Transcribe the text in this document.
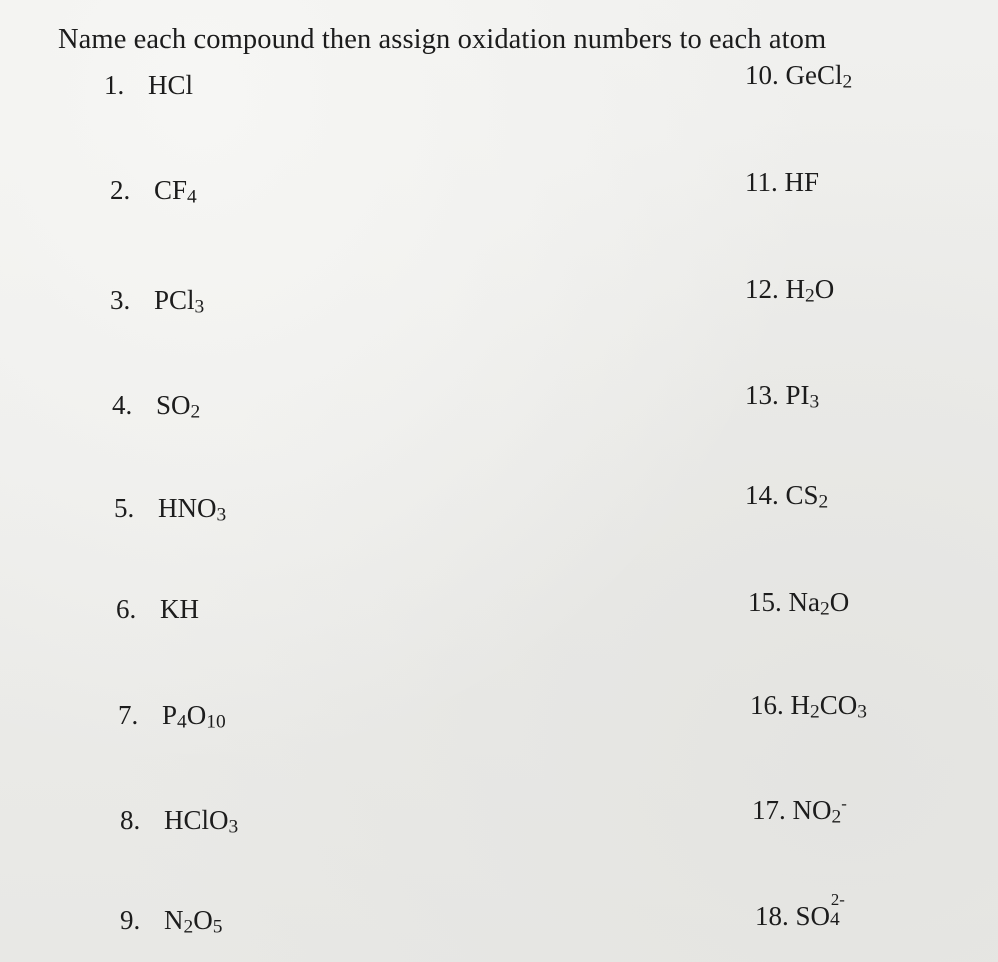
Name each compound then assign oxidation numbers to each atom
1. HCl
2. $CF_4$
3. PCl$_3$
4. $SO_2$
5. $HNO_3$
6. KH
7. $P_4O_{10}$
8. HClO$_3$
9. $N_2O_5$
10. GeCl$_2$
11. HF
12. $H_2O$
13. $PI_3$
14. $CS_2$
15. $Na_2O$
16. $H_2CO_3$
17. $NO_2^-$
18. SO 4
2-
